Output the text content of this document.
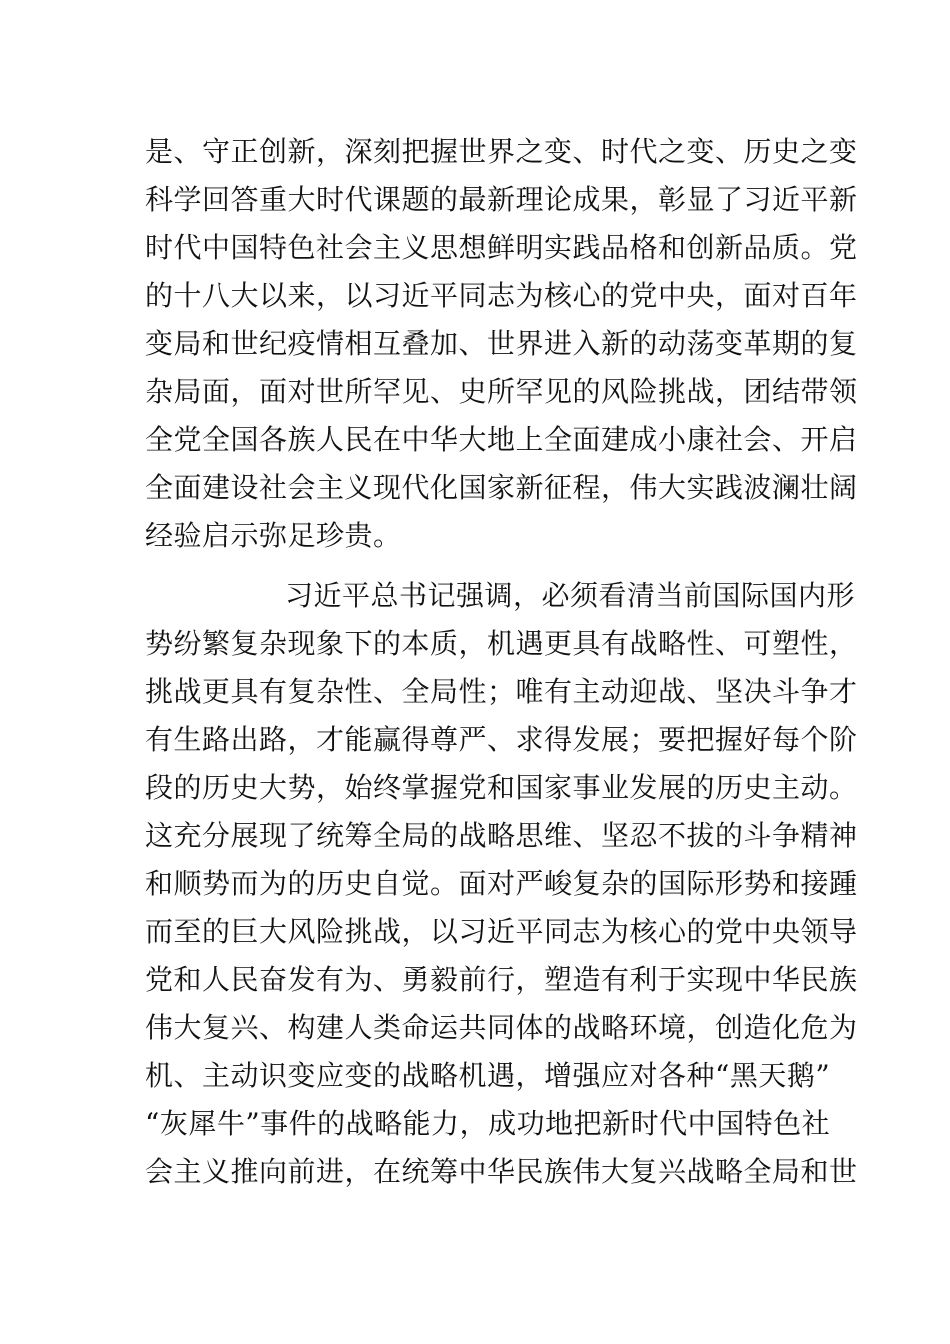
是、守正创新，深刻把握世界之变、时代之变、历史之变
科学回答重大时代课题的最新理论成果，彰显了习近平新
时代中国特色社会主义思想鲜明实践品格和创新品质。党
的十八大以来，以习近平同志为核心的党中央，面对百年
变局和世纪疫情相互叠加、世界进入新的动荡变革期的复
杂局面，面对世所罕见、史所罕见的风险挑战，团结带领
全党全国各族人民在中华大地上全面建成小康社会、开启
全面建设社会主义现代化国家新征程，伟大实践波澜壮阔
经验启示弥足珍贵。
习近平总书记强调，必须看清当前国际国内形
势纷繁复杂现象下的本质，机遇更具有战略性、可塑性，
挑战更具有复杂性、全局性；唯有主动迎战、坚决斗争才
有生路出路，才能赢得尊严、求得发展；要把握好每个阶
段的历史大势，始终掌握党和国家事业发展的历史主动。
这充分展现了统筹全局的战略思维、坚忍不拔的斗争精神
和顺势而为的历史自觉。面对严峻复杂的国际形势和接踵
而至的巨大风险挑战，以习近平同志为核心的党中央领导
党和人民奋发有为、勇毅前行，塑造有利于实现中华民族
伟大复兴、构建人类命运共同体的战略环境，创造化危为
机、主动识变应变的战略机遇，增强应对各种“黑天鹅”
“灰犀牛”事件的战略能力，成功地把新时代中国特色社
会主义推向前进，在统筹中华民族伟大复兴战略全局和世
